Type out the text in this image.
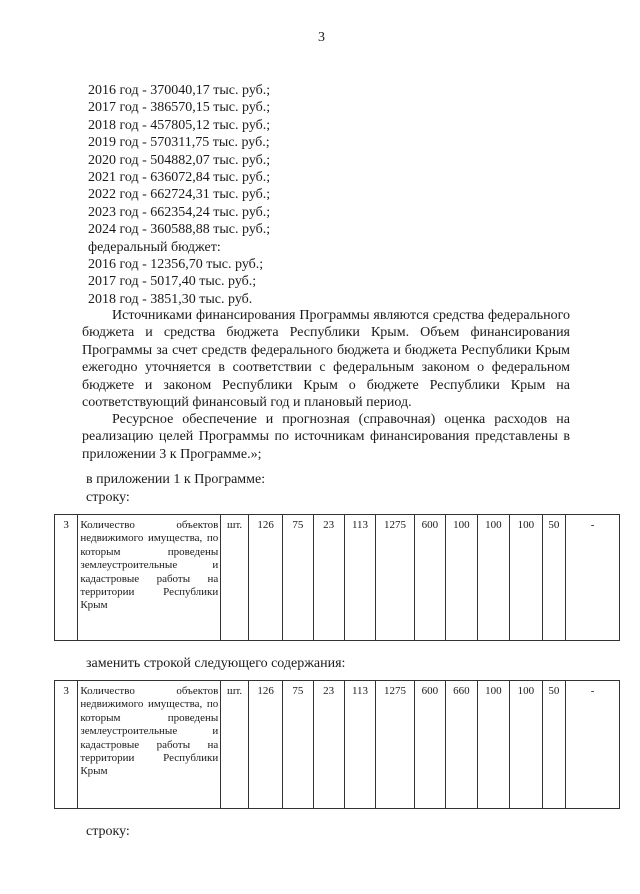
3
2016 год - 370040,17 тыс. руб.;
2017 год - 386570,15 тыс. руб.;
2018 год - 457805,12 тыс. руб.;
2019 год - 570311,75 тыс. руб.;
2020 год - 504882,07 тыс. руб.;
2021 год - 636072,84 тыс. руб.;
2022 год - 662724,31 тыс. руб.;
2023 год - 662354,24 тыс. руб.;
2024 год - 360588,88 тыс. руб.;
федеральный бюджет:
2016 год - 12356,70 тыс. руб.;
2017 год - 5017,40 тыс. руб.;
2018 год - 3851,30 тыс. руб.
Источниками финансирования Программы являются средства федерального бюджета и средства бюджета Республики Крым. Объем финансирования Программы за счет средств федерального бюджета и бюджета Республики Крым ежегодно уточняется в соответствии с федеральным законом о федеральном бюджете и законом Республики Крым о бюджете Республики Крым на соответствующий финансовый год и плановый период.
Ресурсное обеспечение и прогнозная (справочная) оценка расходов на реализацию целей Программы по источникам финансирования представлены в приложении 3 к Программе.»;
в приложении 1 к Программе:
строку:
3	Количество объектов недвижимого имущества, по которым проведены землеустроительные и кадастровые работы на территории Республики Крым	шт.	126	75	23	113	1275	600	100	100	100	50	-
заменить строкой следующего содержания:
3	Количество объектов недвижимого имущества, по которым проведены землеустроительные и кадастровые работы на территории Республики Крым	шт.	126	75	23	113	1275	600	660	100	100	50	-
строку:
